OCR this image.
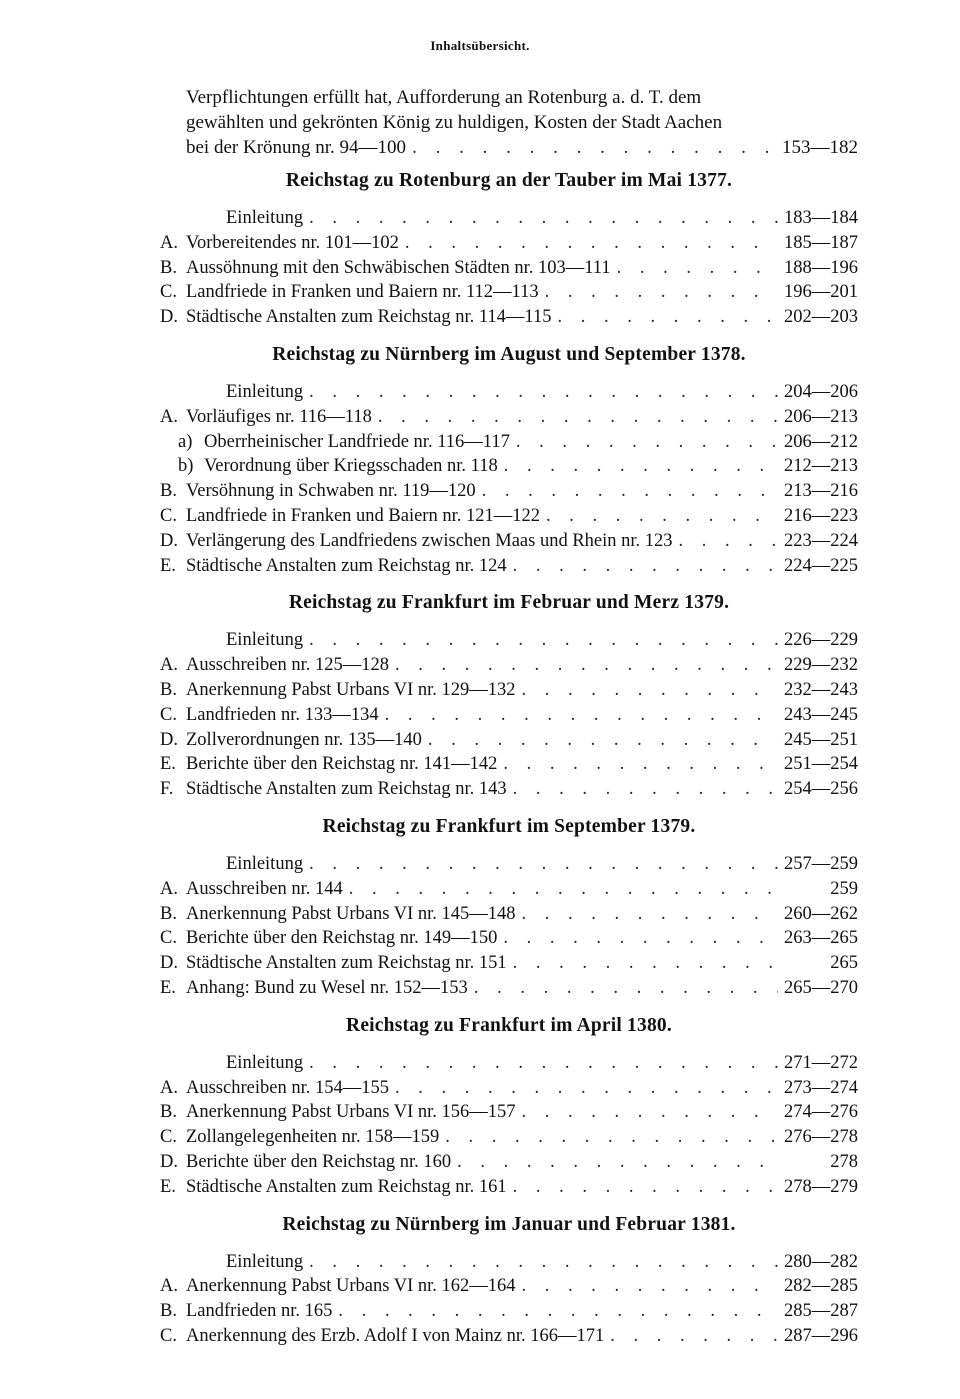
Inhaltsübersicht.
Verpflichtungen erfüllt hat, Aufforderung an Rotenburg a. d. T. dem
gewählten und gekrönten König zu huldigen, Kosten der Stadt Aachen
bei der Krönung nr. 94—100 . . .	153—182
Reichstag zu Rotenburg an der Tauber im Mai 1377.
Einleitung . . .	183—184
A. Vorbereitendes nr. 101—102 . . .	185—187
B. Aussöhnung mit den Schwäbischen Städten nr. 103—111 . . .	188—196
C. Landfriede in Franken und Baiern nr. 112—113 . . .	196—201
D. Städtische Anstalten zum Reichstag nr. 114—115 . . .	202—203
Reichstag zu Nürnberg im August und September 1378.
Einleitung . . .	204—206
A. Vorläufiges nr. 116—118 . . .	206—213
a) Oberrheinischer Landfriede nr. 116—117 . . .	206—212
b) Verordnung über Kriegsschaden nr. 118 . . .	212—213
B. Versöhnung in Schwaben nr. 119—120 . . .	213—216
C. Landfriede in Franken und Baiern nr. 121—122 . . .	216—223
D. Verlängerung des Landfriedens zwischen Maas und Rhein nr. 123 . . .	223—224
E. Städtische Anstalten zum Reichstag nr. 124 . . .	224—225
Reichstag zu Frankfurt im Februar und Merz 1379.
Einleitung . . .	226—229
A. Ausschreiben nr. 125—128 . . .	229—232
B. Anerkennung Pabst Urbans VI nr. 129—132 . . .	232—243
C. Landfrieden nr. 133—134 . . .	243—245
D. Zollverordnungen nr. 135—140 . . .	245—251
E. Berichte über den Reichstag nr. 141—142 . . .	251—254
F. Städtische Anstalten zum Reichstag nr. 143 . . .	254—256
Reichstag zu Frankfurt im September 1379.
Einleitung . . .	257—259
A. Ausschreiben nr. 144 . . .	259
B. Anerkennung Pabst Urbans VI nr. 145—148 . . .	260—262
C. Berichte über den Reichstag nr. 149—150 . . .	263—265
D. Städtische Anstalten zum Reichstag nr. 151 . . .	265
E. Anhang: Bund zu Wesel nr. 152—153 . . .	265—270
Reichstag zu Frankfurt im April 1380.
Einleitung . . .	271—272
A. Ausschreiben nr. 154—155 . . .	273—274
B. Anerkennung Pabst Urbans VI nr. 156—157 . . .	274—276
C. Zollangelegenheiten nr. 158—159 . . .	276—278
D. Berichte über den Reichstag nr. 160 . . .	278
E. Städtische Anstalten zum Reichstag nr. 161 . . .	278—279
Reichstag zu Nürnberg im Januar und Februar 1381.
Einleitung . . .	280—282
A. Anerkennung Pabst Urbans VI nr. 162—164 . . .	282—285
B. Landfrieden nr. 165 . . .	285—287
C. Anerkennung des Erzb. Adolf I von Mainz nr. 166—171 . . .	287—296
